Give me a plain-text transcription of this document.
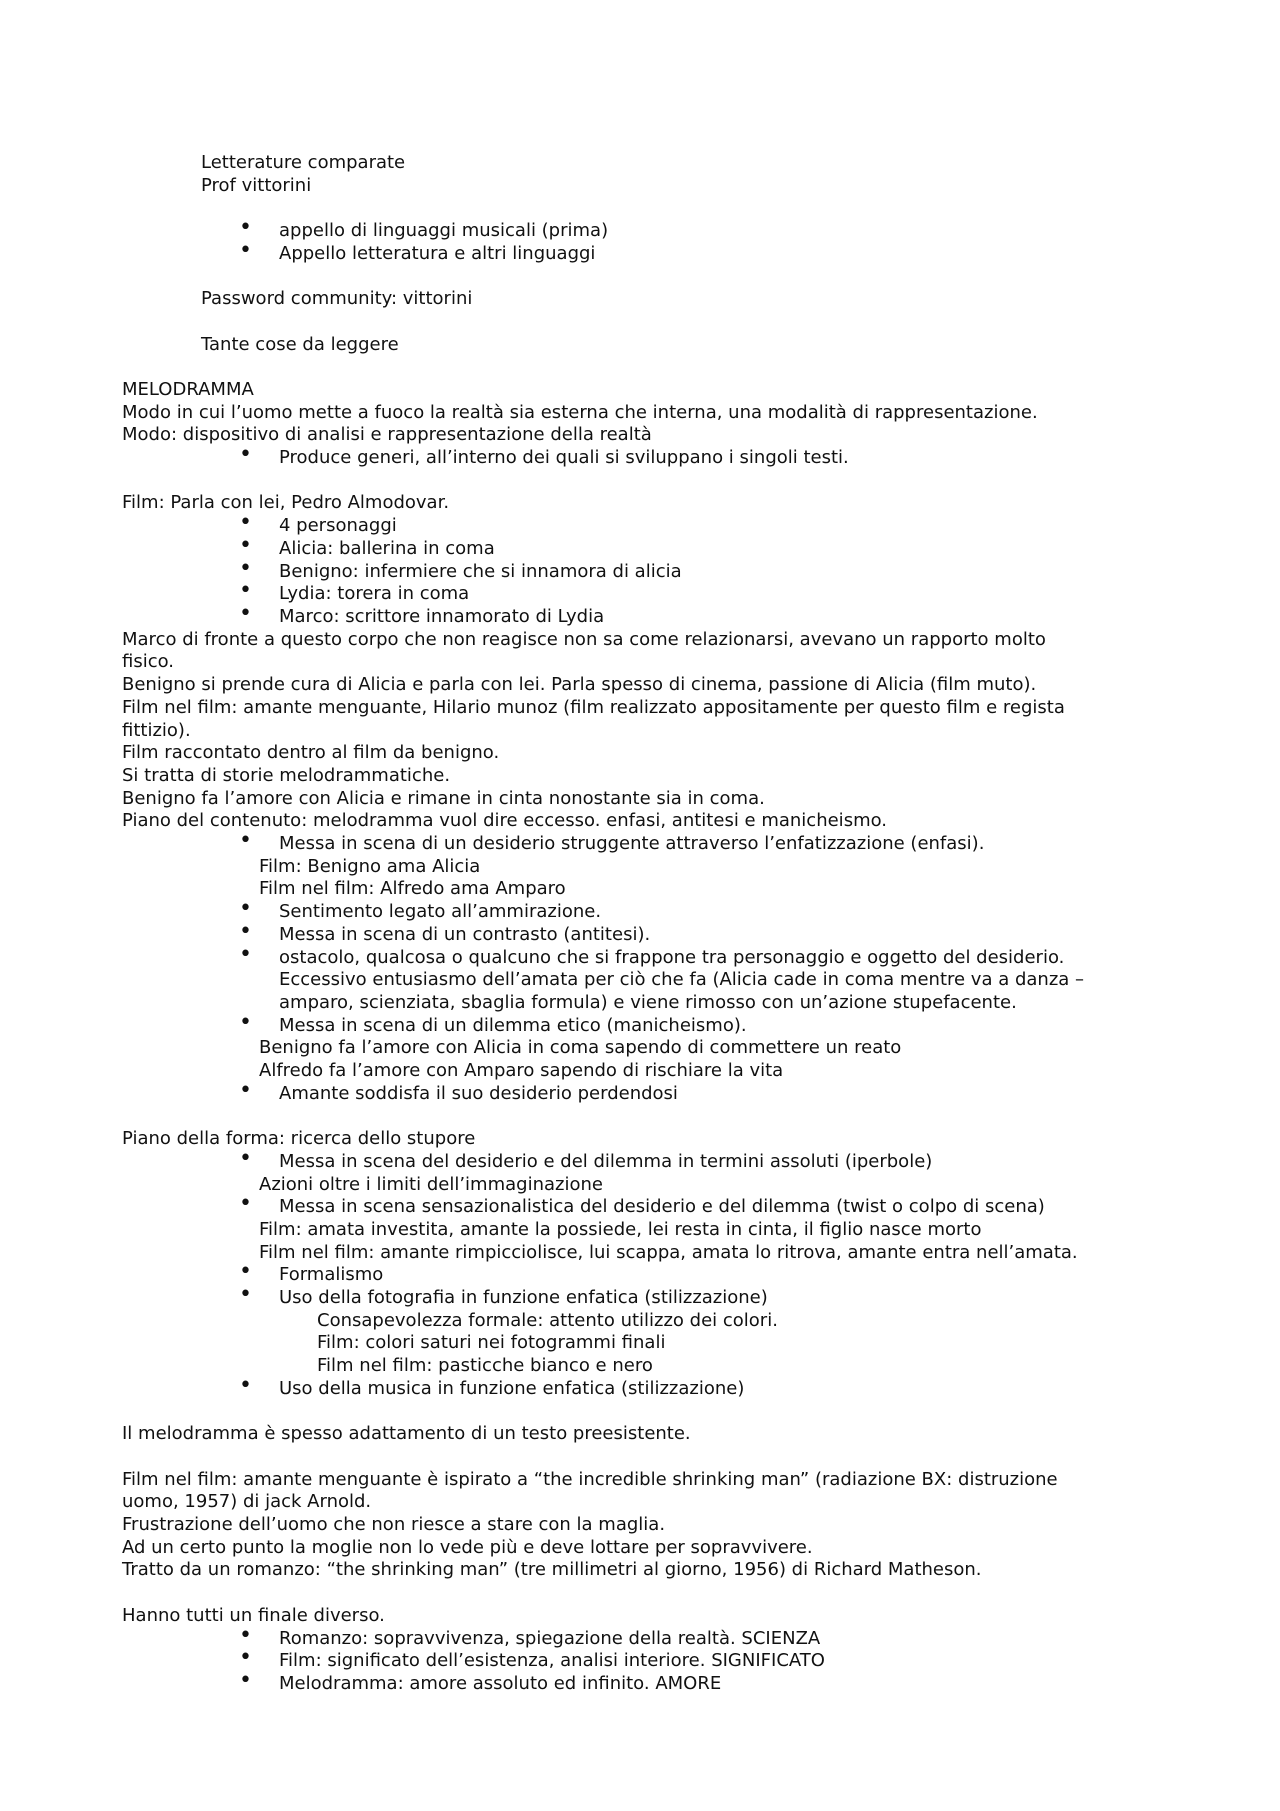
Letterature comparate
Prof vittorini
• appello di linguaggi musicali (prima)
• Appello letteratura e altri linguaggi
Password community: vittorini
Tante cose da leggere
MELODRAMMA
Modo in cui l’uomo mette a fuoco la realtà sia esterna che interna, una modalità di rappresentazione.
Modo: dispositivo di analisi e rappresentazione della realtà
• Produce generi, all’interno dei quali si sviluppano i singoli testi.
Film: Parla con lei, Pedro Almodovar.
• 4 personaggi
• Alicia: ballerina in coma
• Benigno: infermiere che si innamora di alicia
• Lydia: torera in coma
• Marco: scrittore innamorato di Lydia
Marco di fronte a questo corpo che non reagisce non sa come relazionarsi, avevano un rapporto molto
fisico.
Benigno si prende cura di Alicia e parla con lei. Parla spesso di cinema, passione di Alicia (film muto).
Film nel film: amante menguante, Hilario munoz (film realizzato appositamente per questo film e regista
fittizio).
Film raccontato dentro al film da benigno.
Si tratta di storie melodrammatiche.
Benigno fa l’amore con Alicia e rimane in cinta nonostante sia in coma.
Piano del contenuto: melodramma vuol dire eccesso. enfasi, antitesi e manicheismo.
• Messa in scena di un desiderio struggente attraverso l’enfatizzazione (enfasi).
Film: Benigno ama Alicia
Film nel film: Alfredo ama Amparo
• Sentimento legato all’ammirazione.
• Messa in scena di un contrasto (antitesi).
• ostacolo, qualcosa o qualcuno che si frappone tra personaggio e oggetto del desiderio.
Eccessivo entusiasmo dell’amata per ciò che fa (Alicia cade in coma mentre va a danza –
amparo, scienziata, sbaglia formula) e viene rimosso con un’azione stupefacente.
• Messa in scena di un dilemma etico (manicheismo).
Benigno fa l’amore con Alicia in coma sapendo di commettere un reato
Alfredo fa l’amore con Amparo sapendo di rischiare la vita
• Amante soddisfa il suo desiderio perdendosi
Piano della forma: ricerca dello stupore
• Messa in scena del desiderio e del dilemma in termini assoluti (iperbole)
Azioni oltre i limiti dell’immaginazione
• Messa in scena sensazionalistica del desiderio e del dilemma (twist o colpo di scena)
Film: amata investita, amante la possiede, lei resta in cinta, il figlio nasce morto
Film nel film: amante rimpicciolisce, lui scappa, amata lo ritrova, amante entra nell’amata.
• Formalismo
• Uso della fotografia in funzione enfatica (stilizzazione)
Consapevolezza formale: attento utilizzo dei colori.
Film: colori saturi nei fotogrammi finali
Film nel film: pasticche bianco e nero
• Uso della musica in funzione enfatica (stilizzazione)
Il melodramma è spesso adattamento di un testo preesistente.
Film nel film: amante menguante è ispirato a “the incredible shrinking man” (radiazione BX: distruzione
uomo, 1957) di jack Arnold.
Frustrazione dell’uomo che non riesce a stare con la maglia.
Ad un certo punto la moglie non lo vede più e deve lottare per sopravvivere.
Tratto da un romanzo: “the shrinking man” (tre millimetri al giorno, 1956) di Richard Matheson.
Hanno tutti un finale diverso.
• Romanzo: sopravvivenza, spiegazione della realtà. SCIENZA
• Film: significato dell’esistenza, analisi interiore. SIGNIFICATO
• Melodramma: amore assoluto ed infinito. AMORE
